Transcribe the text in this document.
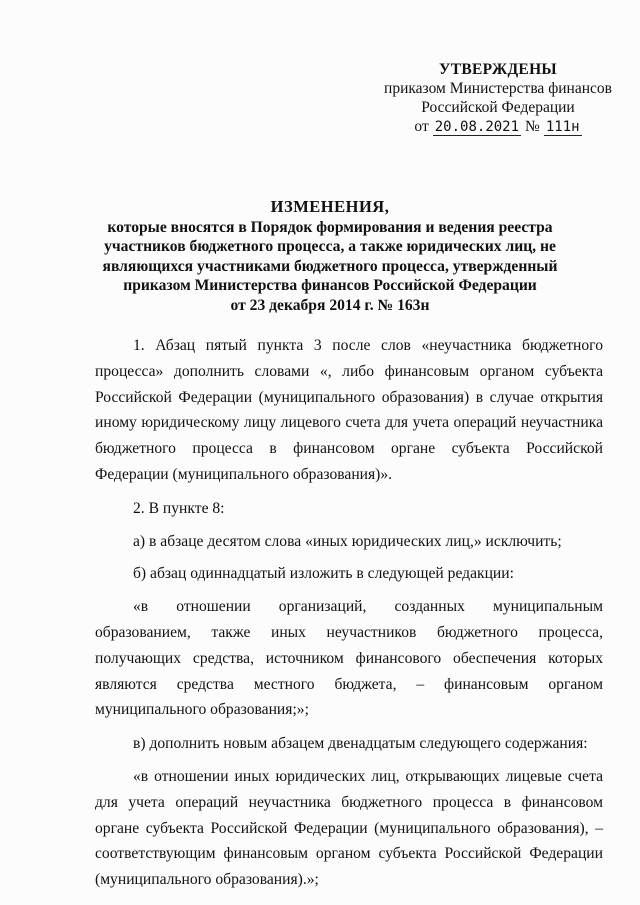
УТВЕРЖДЕНЫ
приказом Министерства финансов
Российской Федерации
от 20.08.2021 № 111н
ИЗМЕНЕНИЯ,
которые вносятся в Порядок формирования и ведения реестра
участников бюджетного процесса, а также юридических лиц, не
являющихся участниками бюджетного процесса, утвержденный
приказом Министерства финансов Российской Федерации
от 23 декабря 2014 г. № 163н

1. Абзац пятый пункта 3 после слов «неучастника бюджетного процесса» дополнить словами «, либо финансовым органом субъекта Российской Федерации (муниципального образования) в случае открытия иному юридическому лицу лицевого счета для учета операций неучастника бюджетного процесса в финансовом органе субъекта Российской Федерации (муниципального образования)».

2. В пункте 8:

а) в абзаце десятом слова «иных юридических лиц,» исключить;

б) абзац одиннадцатый изложить в следующей редакции:

«в отношении организаций, созданных муниципальным образованием, также иных неучастников бюджетного процесса, получающих средства, источником финансового обеспечения которых являются средства местного бюджета, – финансовым органом муниципального образования;»;

в) дополнить новым абзацем двенадцатым следующего содержания:

«в отношении иных юридических лиц, открывающих лицевые счета для учета операций неучастника бюджетного процесса в финансовом органе субъекта Российской Федерации (муниципального образования), – соответствующим финансовым органом субъекта Российской Федерации (муниципального образования).»;
